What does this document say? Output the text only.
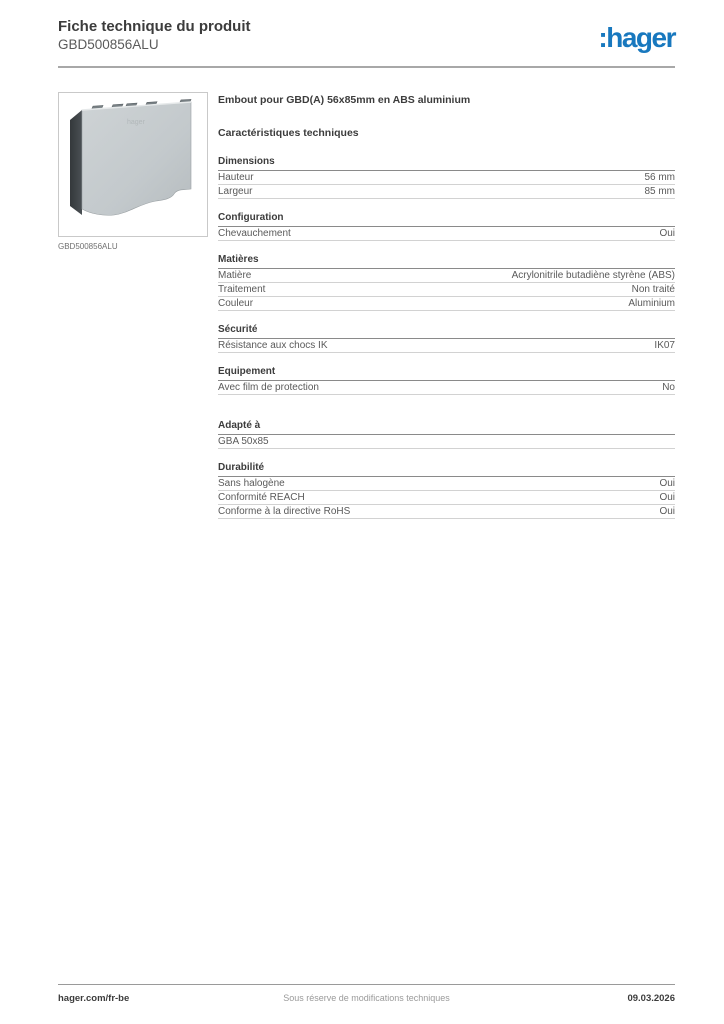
Fiche technique du produit
GBD500856ALU	:hager
hager
GBD500856ALU
Embout pour GBD(A) 56x85mm en ABS aluminium
Caractéristiques techniques
Dimensions
Hauteur	56 mm
Largeur	85 mm
Configuration
Chevauchement	Oui
Matières
Matière	Acrylonitrile butadiène styrène (ABS)
Traitement	Non traité
Couleur	Aluminium
Sécurité
Résistance aux chocs IK	IK07
Equipement
Avec film de protection	No
Adapté à
GBA 50x85
Durabilité
Sans halogène	Oui
Conformité REACH	Oui
Conforme à la directive RoHS	Oui
hager.com/fr-be	Sous réserve de modifications techniques	09.03.2026
